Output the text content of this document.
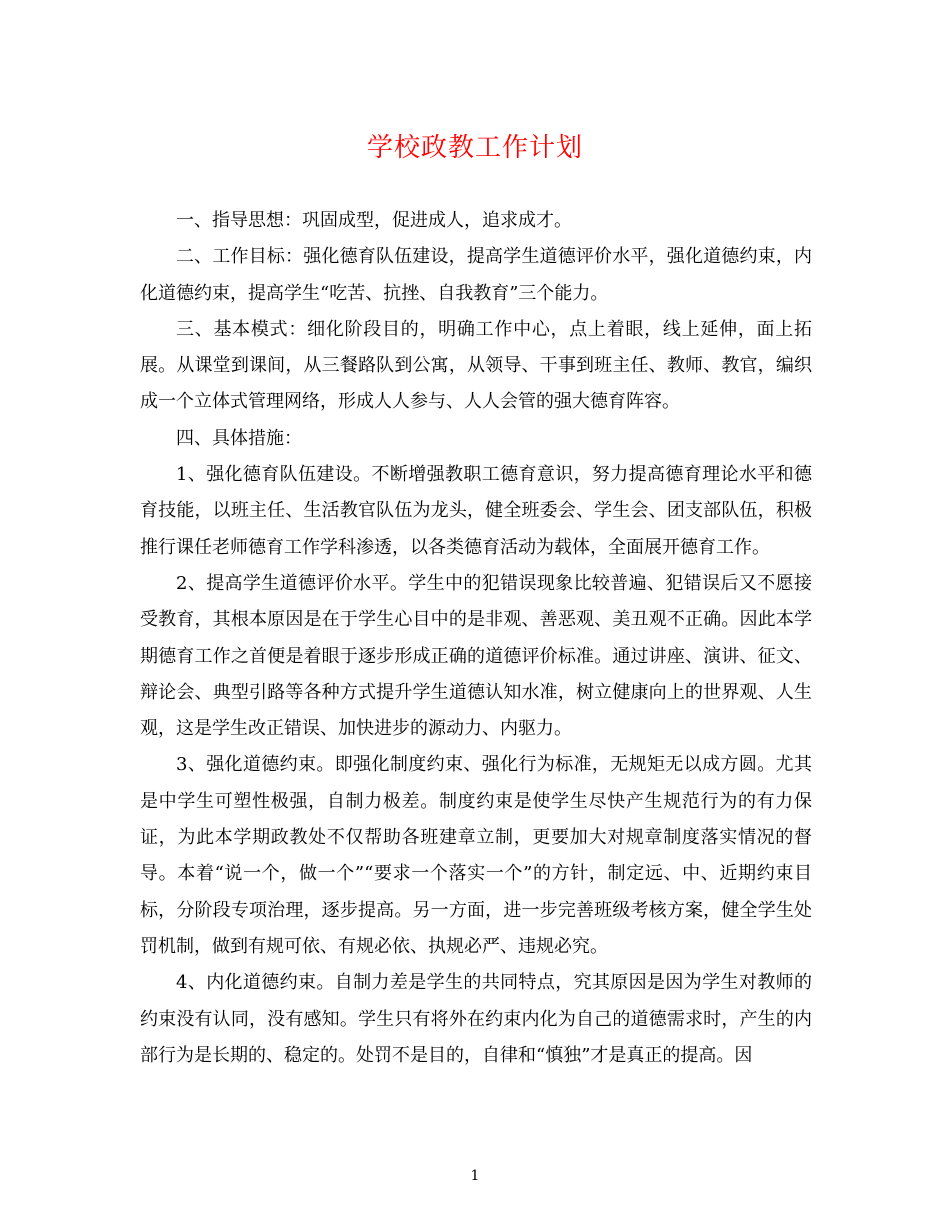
学校政教工作计划

一、指导思想：巩固成型，促进成人，追求成才。

二、工作目标：强化德育队伍建设，提高学生道德评价水平，强化道德约束，内化道德约束，提高学生“吃苦、抗挫、自我教育”三个能力。

三、基本模式：细化阶段目的，明确工作中心，点上着眼，线上延伸，面上拓展。从课堂到课间，从三餐路队到公寓，从领导、干事到班主任、教师、教官，编织成一个立体式管理网络，形成人人参与、人人会管的强大德育阵容。

四、具体措施：

1、强化德育队伍建设。不断增强教职工德育意识，努力提高德育理论水平和德育技能，以班主任、生活教官队伍为龙头，健全班委会、学生会、团支部队伍，积极推行课任老师德育工作学科渗透，以各类德育活动为载体，全面展开德育工作。

2、提高学生道德评价水平。学生中的犯错误现象比较普遍、犯错误后又不愿接受教育，其根本原因是在于学生心目中的是非观、善恶观、美丑观不正确。因此本学期德育工作之首便是着眼于逐步形成正确的道德评价标准。通过讲座、演讲、征文、辩论会、典型引路等各种方式提升学生道德认知水准，树立健康向上的世界观、人生观，这是学生改正错误、加快进步的源动力、内驱力。

3、强化道德约束。即强化制度约束、强化行为标准，无规矩无以成方圆。尤其是中学生可塑性极强，自制力极差。制度约束是使学生尽快产生规范行为的有力保证，为此本学期政教处不仅帮助各班建章立制，更要加大对规章制度落实情况的督导。本着“说一个，做一个”“要求一个落实一个”的方针，制定远、中、近期约束目标，分阶段专项治理，逐步提高。另一方面，进一步完善班级考核方案，健全学生处罚机制，做到有规可依、有规必依、执规必严、违规必究。

4、内化道德约束。自制力差是学生的共同特点，究其原因是因为学生对教师的约束没有认同，没有感知。学生只有将外在约束内化为自己的道德需求时，产生的内部行为是长期的、稳定的。处罚不是目的，自律和“慎独”才是真正的提高。因

1
